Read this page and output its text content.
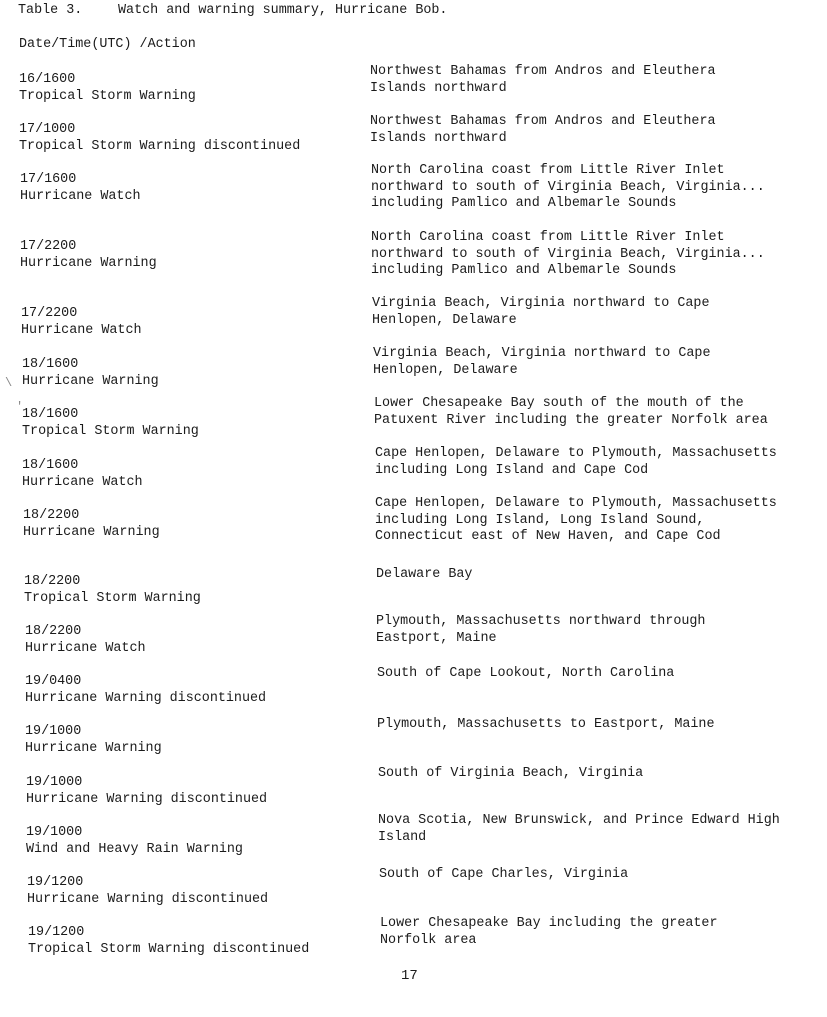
Table 3.	Watch and warning summary, Hurricane Bob.
Date/Time(UTC) /Action
16/1600
Tropical Storm Warning
Northwest Bahamas from Andros and Eleuthera
Islands northward
17/1000
Tropical Storm Warning discontinued
Northwest Bahamas from Andros and Eleuthera
Islands northward
17/1600
Hurricane Watch
North Carolina coast from Little River Inlet
northward to south of Virginia Beach, Virginia...
including Pamlico and Albemarle Sounds
17/2200
Hurricane Warning
North Carolina coast from Little River Inlet
northward to south of Virginia Beach, Virginia...
including Pamlico and Albemarle Sounds
17/2200
Hurricane Watch
Virginia Beach, Virginia northward to Cape
Henlopen, Delaware
18/1600
Hurricane Warning
Virginia Beach, Virginia northward to Cape
Henlopen, Delaware
18/1600
Tropical Storm Warning
Lower Chesapeake Bay south of the mouth of the
Patuxent River including the greater Norfolk area
18/1600
Hurricane Watch
Cape Henlopen, Delaware to Plymouth, Massachusetts
including Long Island and Cape Cod
18/2200
Hurricane Warning
Cape Henlopen, Delaware to Plymouth, Massachusetts
including Long Island, Long Island Sound,
Connecticut east of New Haven, and Cape Cod
18/2200
Tropical Storm Warning
Delaware Bay
18/2200
Hurricane Watch
Plymouth, Massachusetts northward through
Eastport, Maine
19/0400
Hurricane Warning discontinued
South of Cape Lookout, North Carolina
19/1000
Hurricane Warning
Plymouth, Massachusetts to Eastport, Maine
19/1000
Hurricane Warning discontinued
South of Virginia Beach, Virginia
19/1000
Wind and Heavy Rain Warning
Nova Scotia, New Brunswick, and Prince Edward High
Island
19/1200
Hurricane Warning discontinued
South of Cape Charles, Virginia
19/1200
Tropical Storm Warning discontinued
Lower Chesapeake Bay including the greater
Norfolk area
\
'
17
